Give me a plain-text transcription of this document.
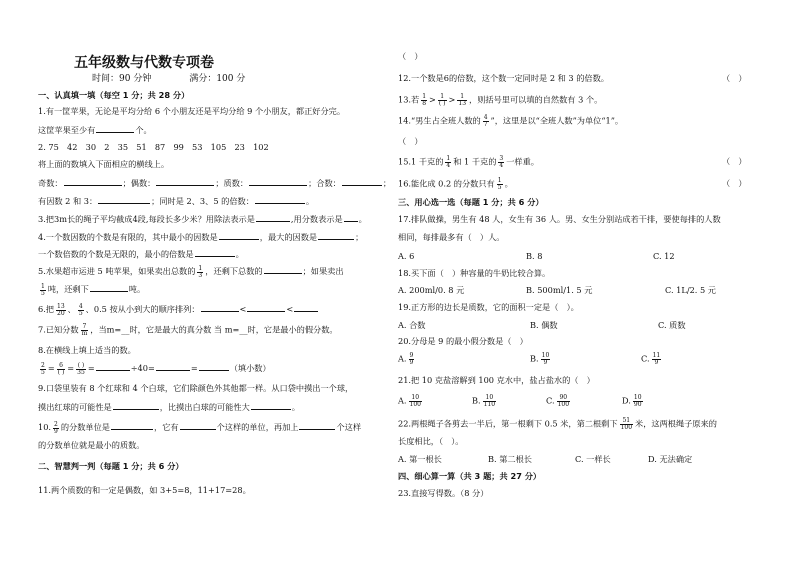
五年级数与代数专项卷
时间：90 分钟	满分：100 分
一、认真填一填（每空 1 分；共 28 分）
1.有一筐苹果，无论是平均分给 6 个小朋友还是平均分给 9 个小朋友，都正好分完。
这筐苹果至少有	个。
2. 75　42　30　2　35　51　87　99　53　105　23　102
将上面的数填入下面相应的横线上。
奇数：	；偶数：	；质数：	；合数：	；
有因数 2 和 3：	；同时是 2、3、5 的倍数：	。
3.把3m长的绳子平均截成4段,每段长多少米？用除法表示是	,用分数表示是 。
4.一个数因数的个数是有限的，其中最小的因数是	，最大的因数是	；
一个数倍数的个数是无限的，最小的倍数是	。
5.水果超市运进 5 吨苹果，如果卖出总数的 $\frac{1}{3}$ ，还剩下总数的	；如果卖出
$\frac{1}{5}$ 吨，还剩下	吨。
6.把 $\frac{13}{20}$ 、 $\frac{4}{5}$ 、0.5 按从小到大的顺序排列：	<	<
7.已知分数 $\frac{7}{m}$ ，当m=__时，它是最大的真分数 当 m=__时，它是最小的假分数。
8.在横线上填上适当的数。
$\frac{2}{5} = \frac{6}{( )} = \frac{( )}{35}$ =	÷40=	=	（填小数）
9.口袋里装有 8 个红球和 4 个白球，它们除颜色外其他都一样。从口袋中摸出一个球，
摸出红球的可能性是	，比摸出白球的可能性大	。
10. $\frac{2}{9}$ 的分数单位是	，它有	个这样的单位，再加上	个这样
的分数单位就是最小的质数。
二、智慧判一判（每题 1 分；共 6 分）
11.两个质数的和一定是偶数，如 3+5=8，11+17=28。
（　）
12.一个数是6的倍数，这个数一定同时是 2 和 3 的倍数。	（　）
13.若 $\frac{1}{8} > \frac{1}{( )} > \frac{1}{13}$ ，则括号里可以填的自然数有 3 个。
14.“男生占全班人数的 $\frac{4}{7}$ ”，这里是以“全班人数”为单位“1”。
（　）
15.1 千克的 $\frac{1}{4}$ 和 1 千克的 $\frac{3}{4}$ 一样重。	（　）
16.能化成 0.2 的分数只有 $\frac{1}{5}$ 。	（　）
三、用心选一选（每题 1 分；共 6 分）
17.排队做操，男生有 48 人，女生有 36 人。男、女生分别站成若干排，要使每排的人数
相同，每排最多有（　）人。
A. 6	B. 8	C. 12
18.买下面（　）种容量的牛奶比较合算。
A. 200ml/0. 8 元	B. 500ml/1. 5 元	C. 1L/2. 5 元
19.正方形的边长是质数，它的面积一定是（　）。
A. 合数	B. 偶数	C. 质数
20.分母是 9 的最小假分数是（　）
A. $\frac{9}{9}$	B. $\frac{10}{9}$	C. $\frac{11}{9}$
21.把 10 克盐溶解到 100 克水中，盐占盐水的（　）
A. $\frac{10}{100}$	B. $\frac{10}{110}$	C. $\frac{90}{100}$	D. $\frac{10}{90}$
22.两根绳子各剪去一半后，第一根剩下 0.5 米，第二根剩下 $\frac{51}{100}$ 米，这两根绳子原来的
长度相比，（　）。
A. 第一根长	B. 第二根长	C. 一样长	D. 无法确定
四、细心算一算（共 3 题；共 27 分）
23.直接写得数。（8 分）
